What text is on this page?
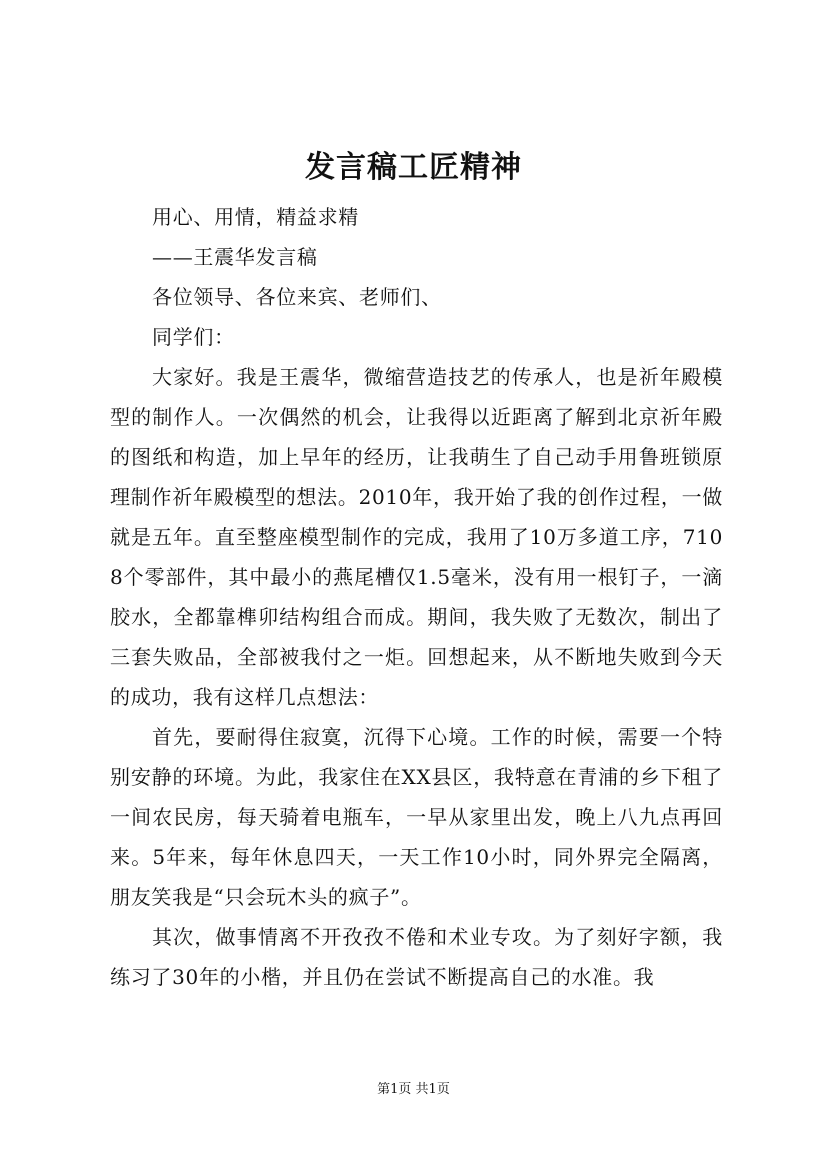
发言稿工匠精神

用心、用情，精益求精

——王震华发言稿

各位领导、各位来宾、老师们、

同学们：

大家好。我是王震华，微缩营造技艺的传承人，也是祈年殿模型的制作人。一次偶然的机会，让我得以近距离了解到北京祈年殿的图纸和构造，加上早年的经历，让我萌生了自己动手用鲁班锁原理制作祈年殿模型的想法。2010年，我开始了我的创作过程，一做就是五年。直至整座模型制作的完成，我用了10万多道工序，7108个零部件，其中最小的燕尾槽仅1.5毫米，没有用一根钉子，一滴胶水，全都靠榫卯结构组合而成。期间，我失败了无数次，制出了三套失败品，全部被我付之一炬。回想起来，从不断地失败到今天的成功，我有这样几点想法：

首先，要耐得住寂寞，沉得下心境。工作的时候，需要一个特别安静的环境。为此，我家住在XX县区，我特意在青浦的乡下租了一间农民房，每天骑着电瓶车，一早从家里出发，晚上八九点再回来。5年来，每年休息四天，一天工作10小时，同外界完全隔离，朋友笑我是“只会玩木头的疯子”。

其次，做事情离不开孜孜不倦和术业专攻。为了刻好字额，我练习了30年的小楷，并且仍在尝试不断提高自己的水准。我

第1页 共1页
